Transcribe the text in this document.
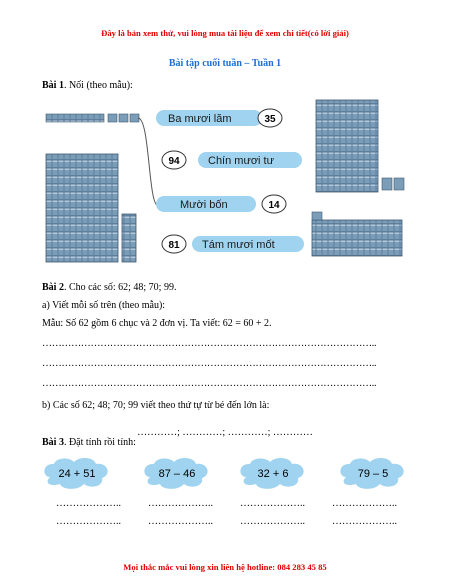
Đây là bản xem thử, vui lòng mua tài liệu để xem chi tiết(có lời giải)
Bài tập cuối tuần – Tuần 1
Bài 1. Nối (theo mẫu):
Ba mươi lăm
Chín mươi tư
Mười bốn
Tám mươi mốt
35
94
14
81
Bài 2. Cho các số: 62; 48; 70; 99.
a) Viết mỗi số trên (theo mẫu):
Mẫu: Số 62 gồm 6 chục và 2 đơn vị. Ta viết: 62 = 60 + 2.
…………………………………………………………………………………………..
…………………………………………………………………………………………..
…………………………………………………………………………………………..
b) Các số 62; 48; 70; 99 viết theo thứ tự từ bé đến lớn là:
…………; …………; …………; …………
Bài 3. Đặt tính rồi tính:
24 + 51	87 – 46	32 + 6	79 – 5
………………..	………………..	………………..	………………..
………………..	………………..	………………..	………………..
Mọi thắc mắc vui lòng xin liên hệ hotline: 084 283 45 85
